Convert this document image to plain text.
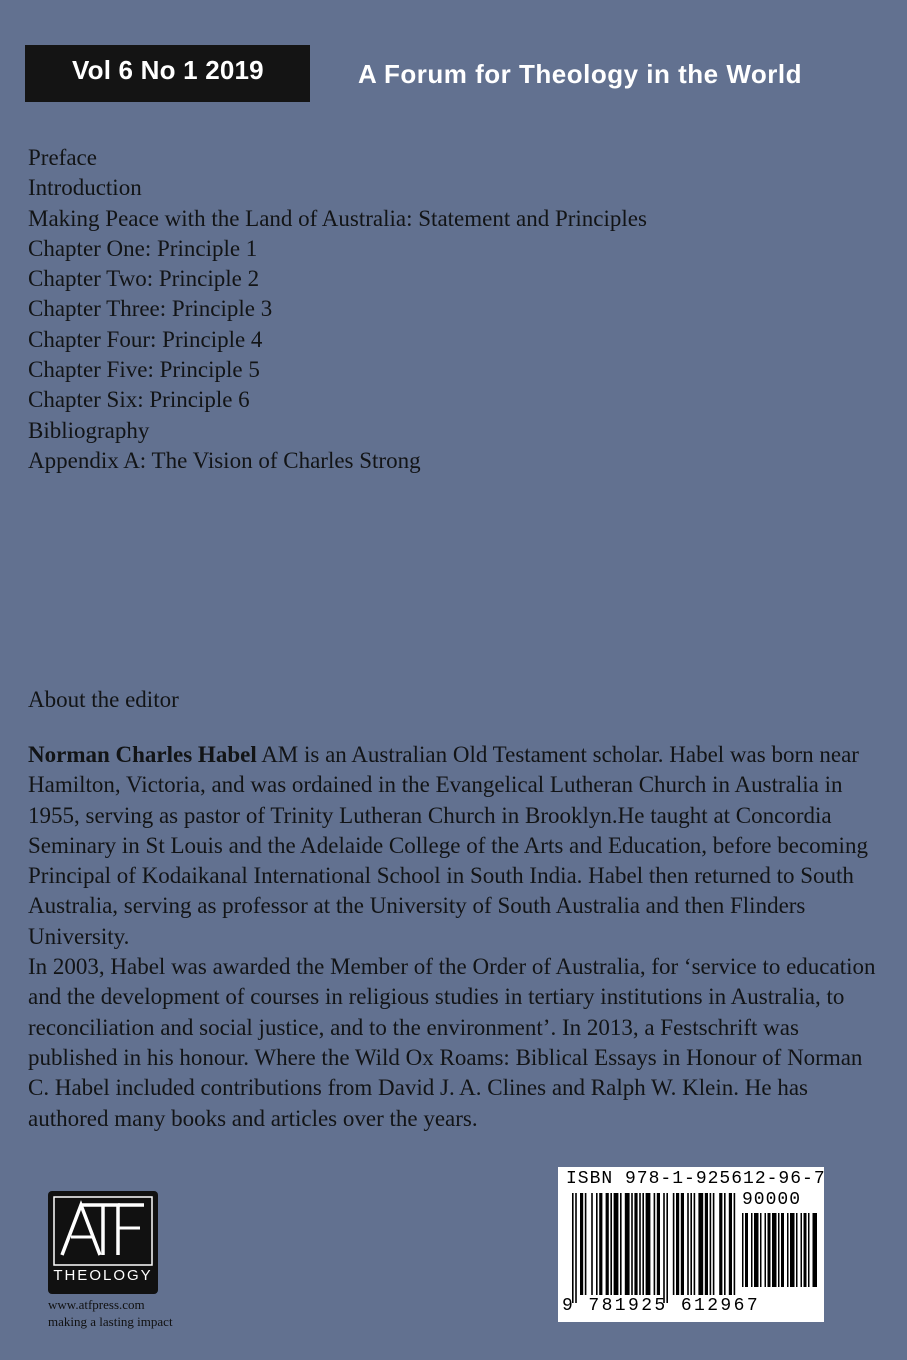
Vol 6 No 1 2019	A Forum for Theology in the World
Preface
Introduction
Making Peace with the Land of Australia: Statement and Principles
Chapter One: Principle 1
Chapter Two: Principle 2
Chapter Three: Principle 3
Chapter Four: Principle 4
Chapter Five: Principle 5
Chapter Six: Principle 6
Bibliography
Appendix A: The Vision of Charles Strong
About the editor

Norman Charles Habel AM is an Australian Old Testament scholar. Habel was born near Hamilton, Victoria, and was ordained in the Evangelical Lutheran Church in Australia in 1955, serving as pastor of Trinity Lutheran Church in Brooklyn.He taught at Concordia Seminary in St Louis and the Adelaide College of the Arts and Education, before becoming Principal of Kodaikanal International School in South India. Habel then returned to South Australia, serving as professor at the University of South Australia and then Flinders University.

In 2003, Habel was awarded the Member of the Order of Australia, for ‘service to education and the development of courses in religious studies in tertiary institutions in Australia, to reconciliation and social justice, and to the environment’. In 2013, a Festschrift was published in his honour. Where the Wild Ox Roams: Biblical Essays in Honour of Norman C. Habel included contributions from David J. A. Clines and Ralph W. Klein. He has authored many books and articles over the years.

THEOLOGY
www.atfpress.com
making a lasting impact
ISBN 978-1-925612-96-7
90000
9 781925 612967
